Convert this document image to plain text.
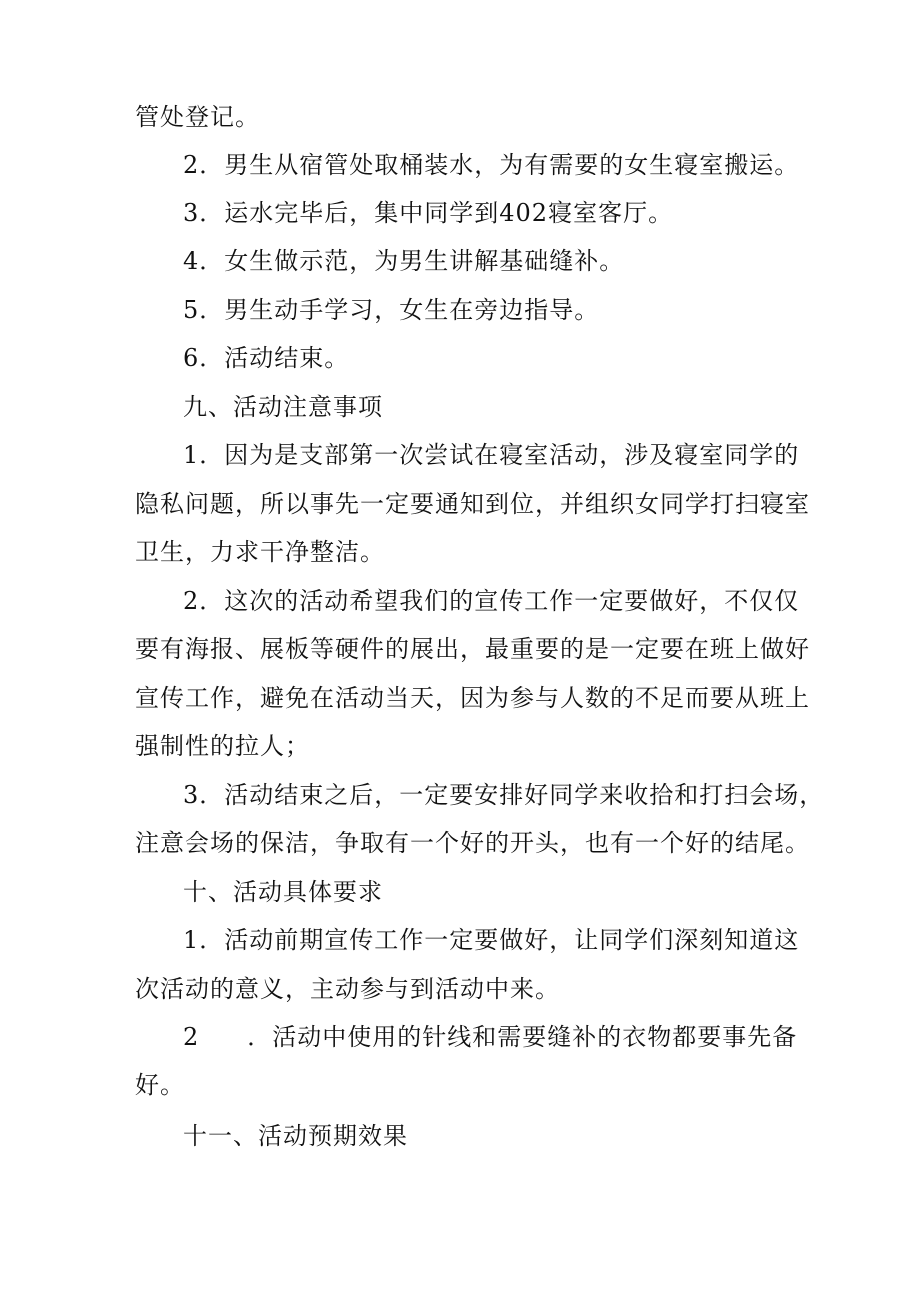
管处登记。
2．男生从宿管处取桶装水，为有需要的女生寝室搬运。
3．运水完毕后，集中同学到402寝室客厅。
4．女生做示范，为男生讲解基础缝补。
5．男生动手学习，女生在旁边指导。
6．活动结束。
九、活动注意事项
1．因为是支部第一次尝试在寝室活动，涉及寝室同学的
隐私问题，所以事先一定要通知到位，并组织女同学打扫寝室
卫生，力求干净整洁。
2．这次的活动希望我们的宣传工作一定要做好，不仅仅
要有海报、展板等硬件的展出，最重要的是一定要在班上做好
宣传工作，避免在活动当天，因为参与人数的不足而要从班上
强制性的拉人；
3．活动结束之后，一定要安排好同学来收拾和打扫会场，
注意会场的保洁，争取有一个好的开头，也有一个好的结尾。
十、活动具体要求
1．活动前期宣传工作一定要做好，让同学们深刻知道这
次活动的意义，主动参与到活动中来。
2 ．活动中使用的针线和需要缝补的衣物都要事先备
好。
十一、活动预期效果
